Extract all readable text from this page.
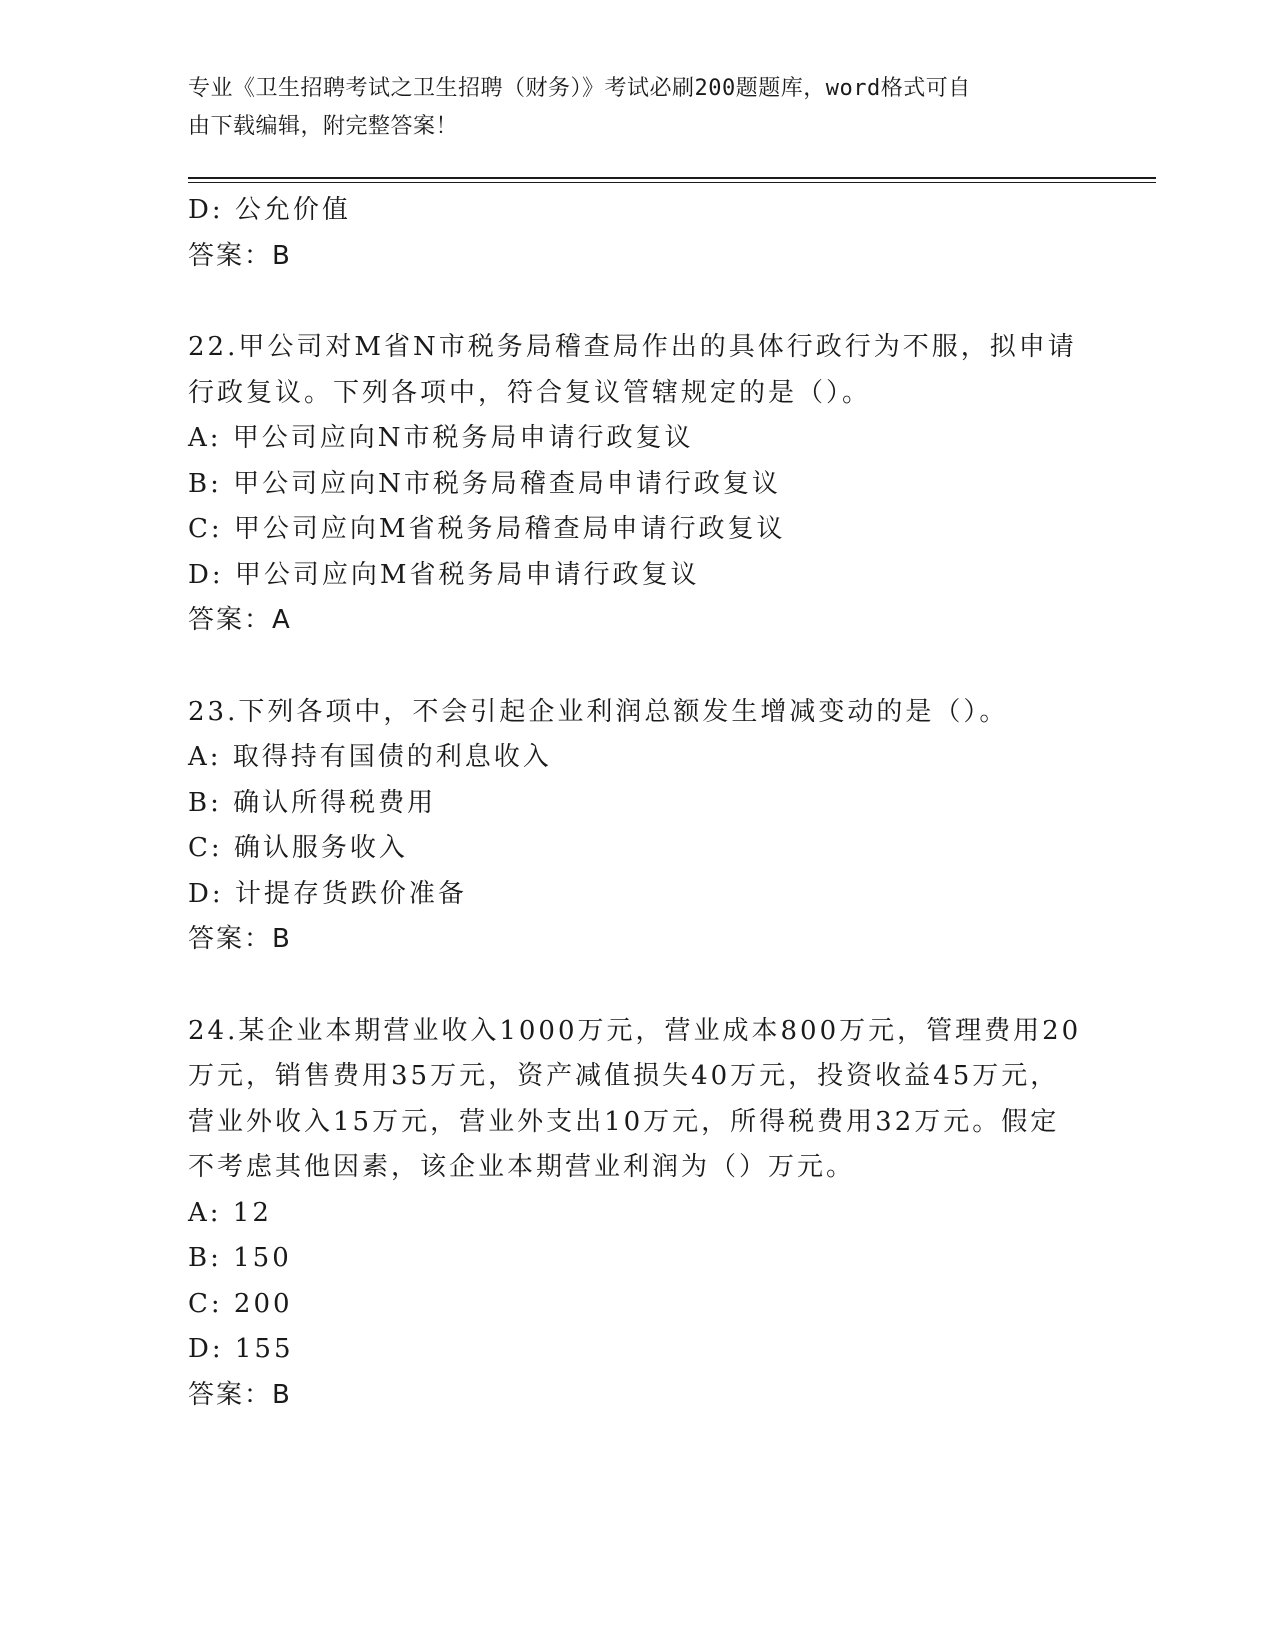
专业《卫生招聘考试之卫生招聘（财务）》考试必刷200题题库，word格式可自
由下载编辑，附完整答案！
D: 公允价值
答案：B
22.甲公司对M省N市税务局稽查局作出的具体行政行为不服，拟申请
行政复议。下列各项中，符合复议管辖规定的是（）。
A: 甲公司应向N市税务局申请行政复议
B: 甲公司应向N市税务局稽查局申请行政复议
C: 甲公司应向M省税务局稽查局申请行政复议
D: 甲公司应向M省税务局申请行政复议
答案：A
23.下列各项中，不会引起企业利润总额发生增减变动的是（）。
A: 取得持有国债的利息收入
B: 确认所得税费用
C: 确认服务收入
D: 计提存货跌价准备
答案：B
24.某企业本期营业收入1000万元，营业成本800万元，管理费用20
万元，销售费用35万元，资产减值损失40万元，投资收益45万元，
营业外收入15万元，营业外支出10万元，所得税费用32万元。假定
不考虑其他因素，该企业本期营业利润为（）万元。
A: 12
B: 150
C: 200
D: 155
答案：B
